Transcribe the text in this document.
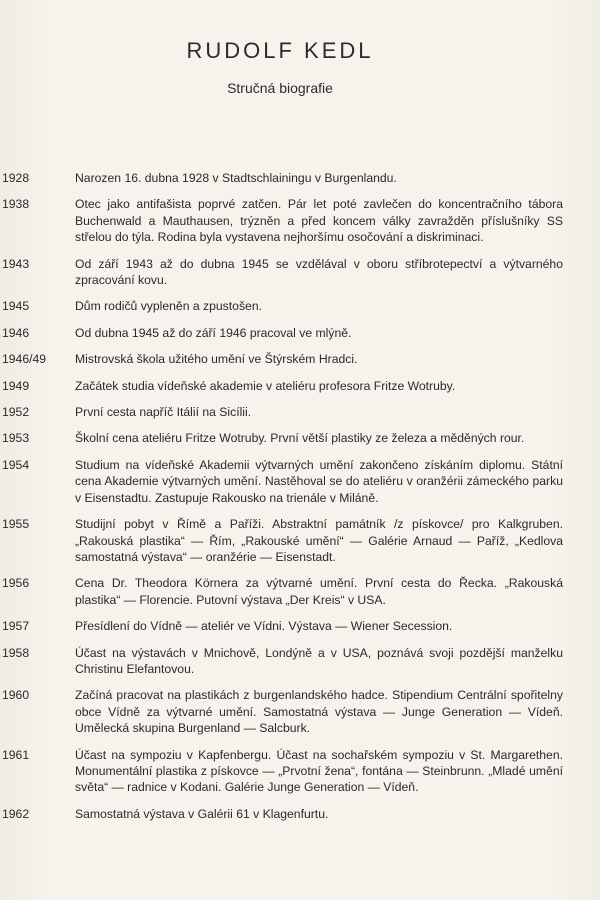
RUDOLF KEDL
Stručná biografie
1928	Narozen 16. dubna 1928 v Stadtschlainingu v Burgenlandu.
1938	Otec jako antifašista poprvé zatčen. Pár let poté zavlečen do koncentračního tábora Buchenwald a Mauthausen, trýzněn a před koncem války zavražděn příslušníky SS střelou do týla. Rodina byla vystavena nejhoršímu osočování a diskriminaci.
1943	Od září 1943 až do dubna 1945 se vzdělával v oboru stříbrotepectví a výtvarného zpracování kovu.
1945	Dům rodičů vypleněn a zpustošen.
1946	Od dubna 1945 až do září 1946 pracoval ve mlýně.
1946/49	Mistrovská škola užitého umění ve Štýrském Hradci.
1949	Začátek studia vídeňské akademie v ateliéru profesora Fritze Wotruby.
1952	První cesta napříč Itálií na Sicílii.
1953	Školní cena ateliéru Fritze Wotruby. První větší plastiky ze železa a měděných rour.
1954	Studium na vídeňské Akademii výtvarných umění zakončeno získáním diplomu. Státní cena Akademie výtvarných umění. Nastěhoval se do ateliéru v oranžérii zámeckého parku v Eisenstadtu. Zastupuje Rakousko na trienále v Miláně.
1955	Studijní pobyt v Římě a Paříži. Abstraktní památník /z pískovce/ pro Kalkgruben. „Rakouská plastika“ — Řím, „Rakouské umění“ — Galérie Arnaud — Paříž, „Kedlova samostatná výstava“ — oranžérie — Eisenstadt.
1956	Cena Dr. Theodora Körnera za výtvarné umění. První cesta do Řecka. „Rakouská plastika“ — Florencie. Putovní výstava „Der Kreis“ v USA.
1957	Přesídlení do Vídně — ateliér ve Vídni. Výstava — Wiener Secession.
1958	Účast na výstavách v Mnichově, Londýně a v USA, poznává svoji pozdější manželku Christinu Elefantovou.
1960	Začíná pracovat na plastikách z burgenlandského hadce. Stipendium Centrální spořitelny obce Vídně za výtvarné umění. Samostatná výstava — Junge Generation — Vídeň. Umělecká skupina Burgenland — Salcburk.
1961	Účast na sympoziu v Kapfenbergu. Účast na sochařském sympoziu v St. Margarethen. Monumentální plastika z pískovce — „Prvotní žena“, fontána — Steinbrunn. „Mladé umění světa“ — radnice v Kodani. Galérie Junge Generation — Vídeň.
1962	Samostatná výstava v Galérii 61 v Klagenfurtu.
